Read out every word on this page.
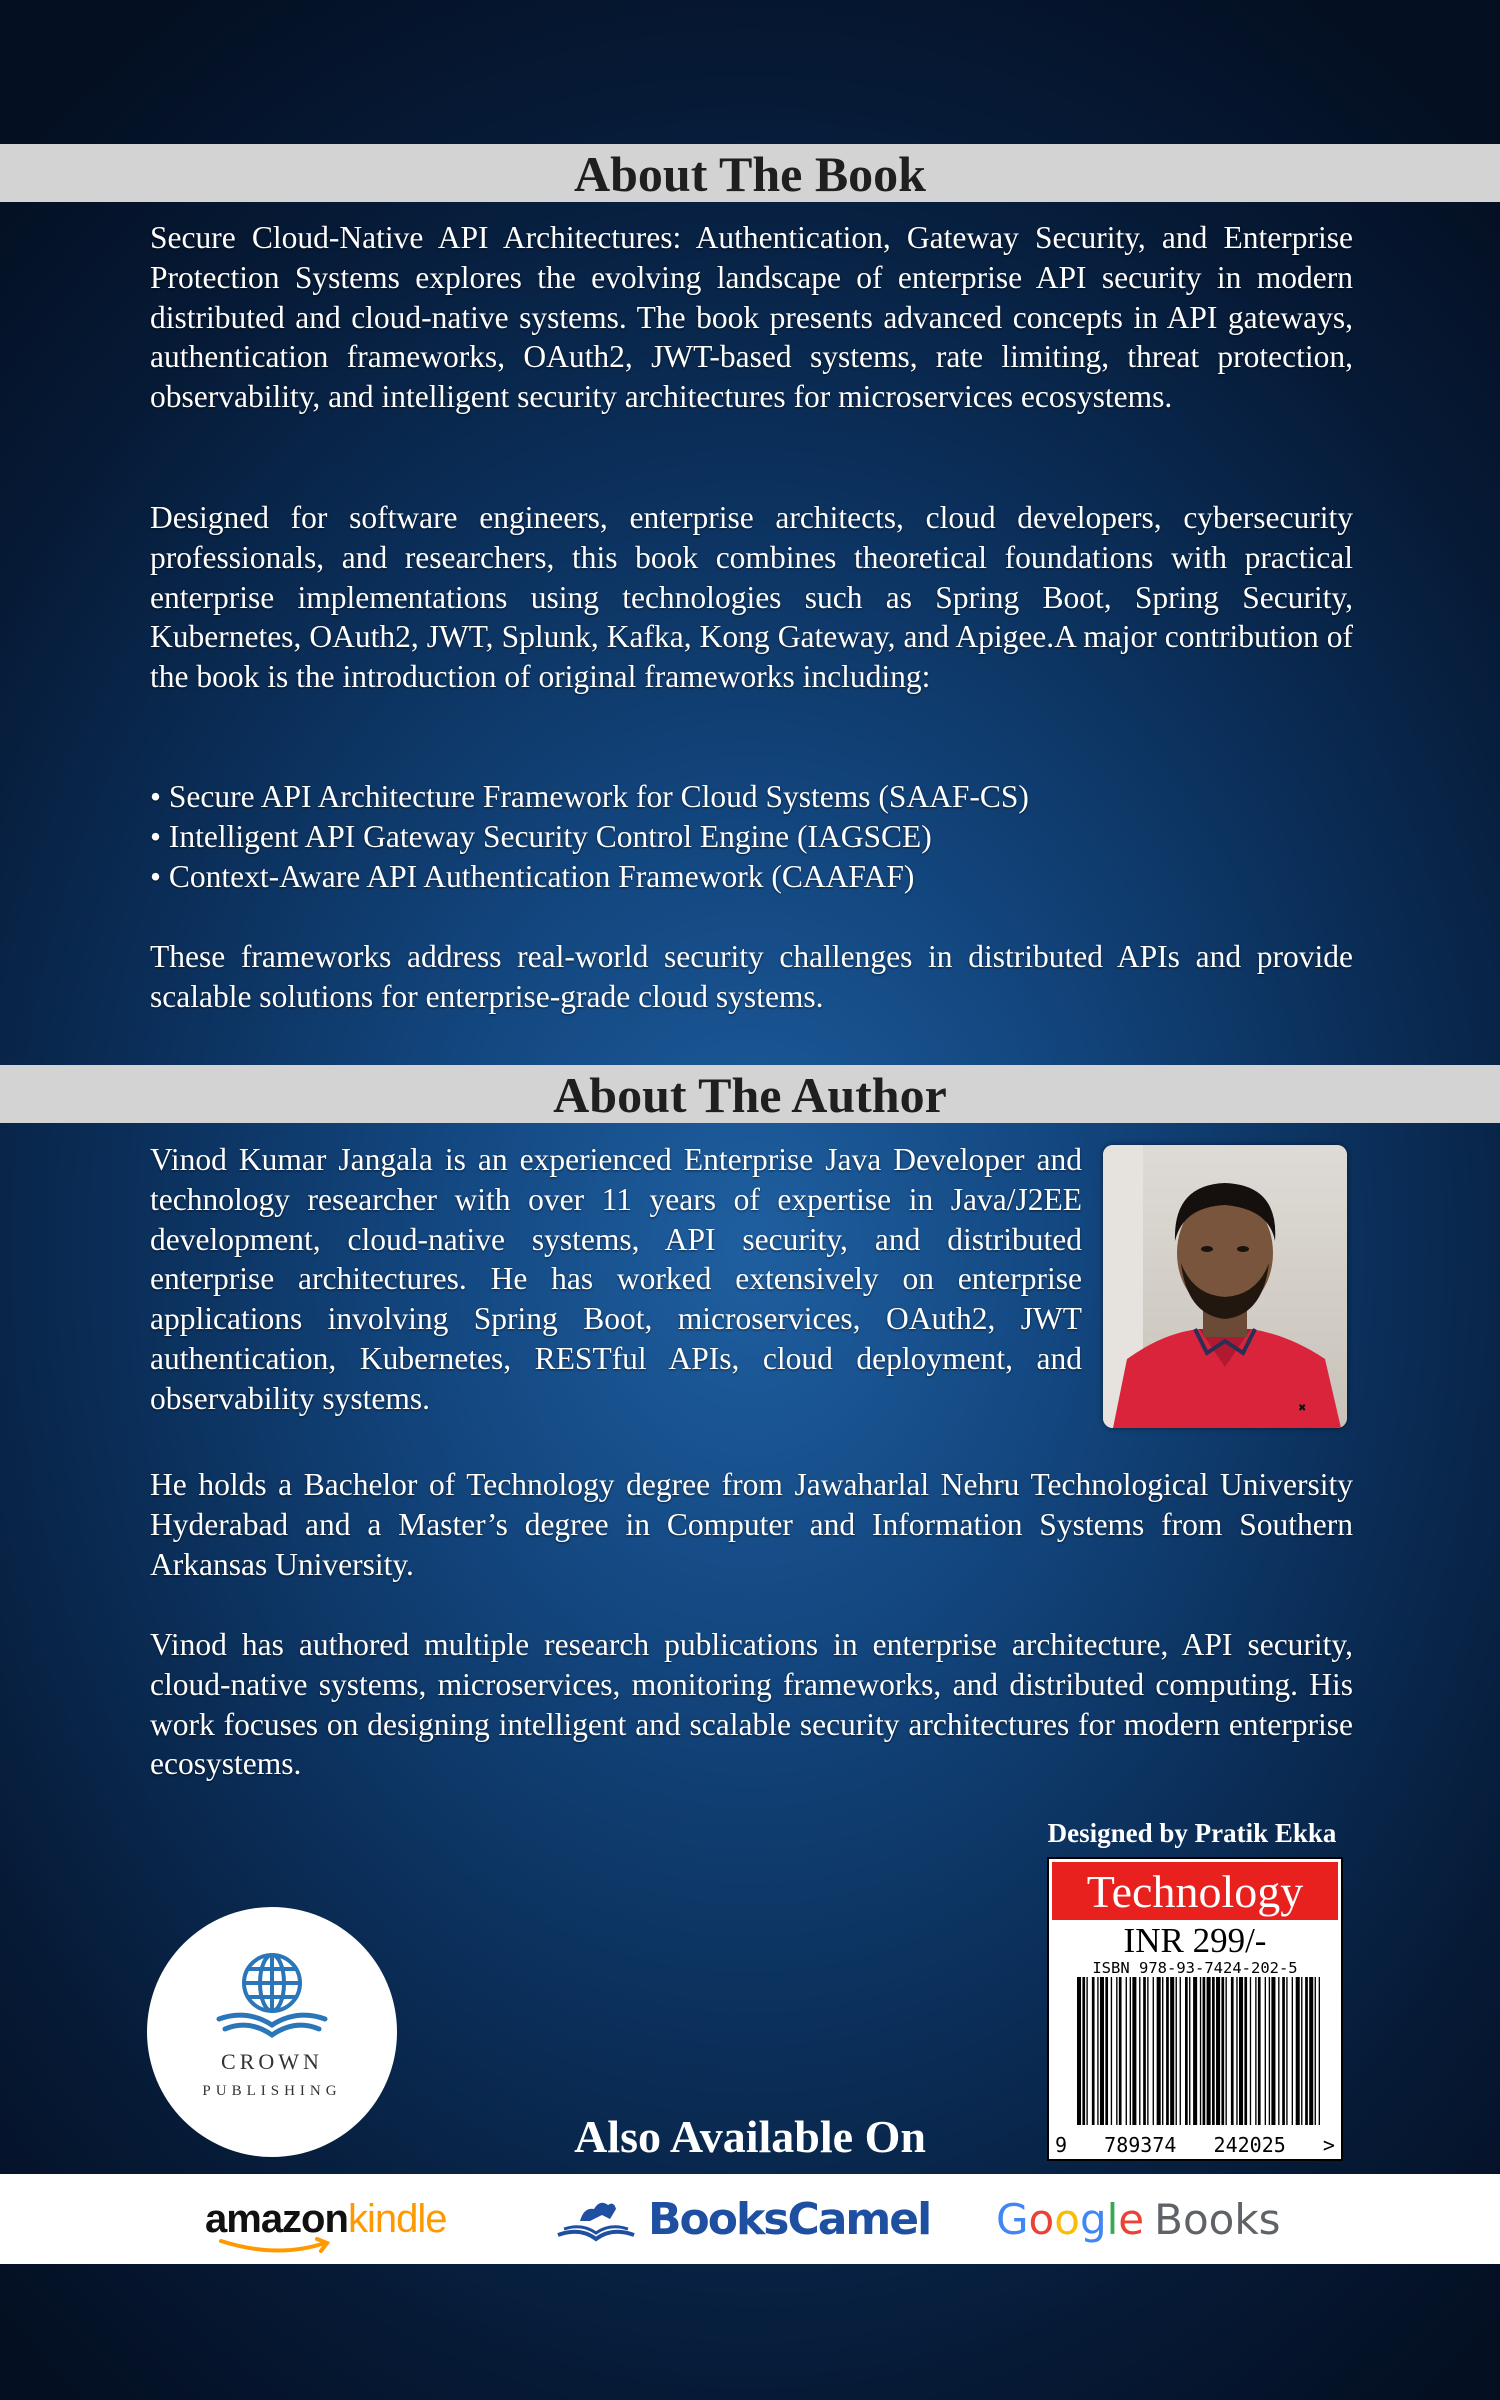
About The Book
Secure Cloud-Native API Architectures: Authentication, Gateway Security, and Enterprise Protection Systems explores the evolving landscape of enterprise API security in modern distributed and cloud-native systems. The book presents advanced concepts in API gateways, authentication frameworks, OAuth2, JWT-based systems, rate limiting, threat protection, observability, and intelligent security architectures for microservices ecosystems.
Designed for software engineers, enterprise architects, cloud developers, cybersecurity professionals, and researchers, this book combines theoretical foundations with practical enterprise implementations using technologies such as Spring Boot, Spring Security, Kubernetes, OAuth2, JWT, Splunk, Kafka, Kong Gateway, and Apigee.A major contribution of the book is the introduction of original frameworks including:
• Secure API Architecture Framework for Cloud Systems (SAAF-CS)
• Intelligent API Gateway Security Control Engine (IAGSCE)
• Context-Aware API Authentication Framework (CAAFAF)
These frameworks address real-world security challenges in distributed APIs and provide scalable solutions for enterprise-grade cloud systems.
About The Author
Vinod Kumar Jangala is an experienced Enterprise Java Developer and technology researcher with over 11 years of expertise in Java/J2EE development, cloud-native systems, API security, and distributed enterprise architectures. He has worked extensively on enterprise applications involving Spring Boot, microservices, OAuth2, JWT authentication, Kubernetes, RESTful APIs, cloud deployment, and observability systems.	✖
He holds a Bachelor of Technology degree from Jawaharlal Nehru Technological University Hyderabad and a Master’s degree in Computer and Information Systems from Southern Arkansas University.
Vinod has authored multiple research publications in enterprise architecture, API security, cloud-native systems, microservices, monitoring frameworks, and distributed computing. His work focuses on designing intelligent and scalable security architectures for modern enterprise ecosystems.
Designed by Pratik Ekka
Technology
INR 299/-
ISBN 978-93-7424-202-5
9 789374 242025 >
CROWN
PUBLISHING
Also Available On
amazonkindle	BooksCamel G o o g l e Books
